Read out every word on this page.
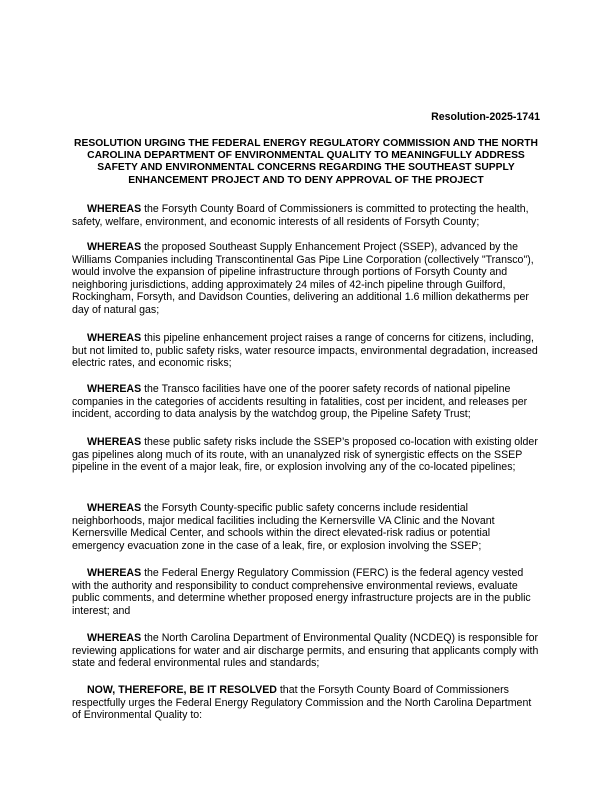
Resolution-2025-1741

RESOLUTION URGING THE FEDERAL ENERGY REGULATORY COMMISSION AND THE NORTH CAROLINA DEPARTMENT OF ENVIRONMENTAL QUALITY TO MEANINGFULLY ADDRESS SAFETY AND ENVIRONMENTAL CONCERNS REGARDING THE SOUTHEAST SUPPLY ENHANCEMENT PROJECT AND TO DENY APPROVAL OF THE PROJECT

WHEREAS the Forsyth County Board of Commissioners is committed to protecting the health, safety, welfare, environment, and economic interests of all residents of Forsyth County;

WHEREAS the proposed Southeast Supply Enhancement Project (SSEP), advanced by the Williams Companies including Transcontinental Gas Pipe Line Corporation (collectively "Transco"), would involve the expansion of pipeline infrastructure through portions of Forsyth County and neighboring jurisdictions, adding approximately 24 miles of 42-inch pipeline through Guilford, Rockingham, Forsyth, and Davidson Counties, delivering an additional 1.6 million dekatherms per day of natural gas;

WHEREAS this pipeline enhancement project raises a range of concerns for citizens, including, but not limited to, public safety risks, water resource impacts, environmental degradation, increased electric rates, and economic risks;

WHEREAS the Transco facilities have one of the poorer safety records of national pipeline companies in the categories of accidents resulting in fatalities, cost per incident, and releases per incident, according to data analysis by the watchdog group, the Pipeline Safety Trust;

WHEREAS these public safety risks include the SSEP’s proposed co-location with existing older gas pipelines along much of its route, with an unanalyzed risk of synergistic effects on the SSEP pipeline in the event of a major leak, fire, or explosion involving any of the co-located pipelines;

WHEREAS the Forsyth County-specific public safety concerns include residential neighborhoods, major medical facilities including the Kernersville VA Clinic and the Novant Kernersville Medical Center, and schools within the direct elevated-risk radius or potential emergency evacuation zone in the case of a leak, fire, or explosion involving the SSEP;

WHEREAS the Federal Energy Regulatory Commission (FERC) is the federal agency vested with the authority and responsibility to conduct comprehensive environmental reviews, evaluate public comments, and determine whether proposed energy infrastructure projects are in the public interest; and

WHEREAS the North Carolina Department of Environmental Quality (NCDEQ) is responsible for reviewing applications for water and air discharge permits, and ensuring that applicants comply with state and federal environmental rules and standards;

NOW, THEREFORE, BE IT RESOLVED that the Forsyth County Board of Commissioners respectfully urges the Federal Energy Regulatory Commission and the North Carolina Department of Environmental Quality to:
